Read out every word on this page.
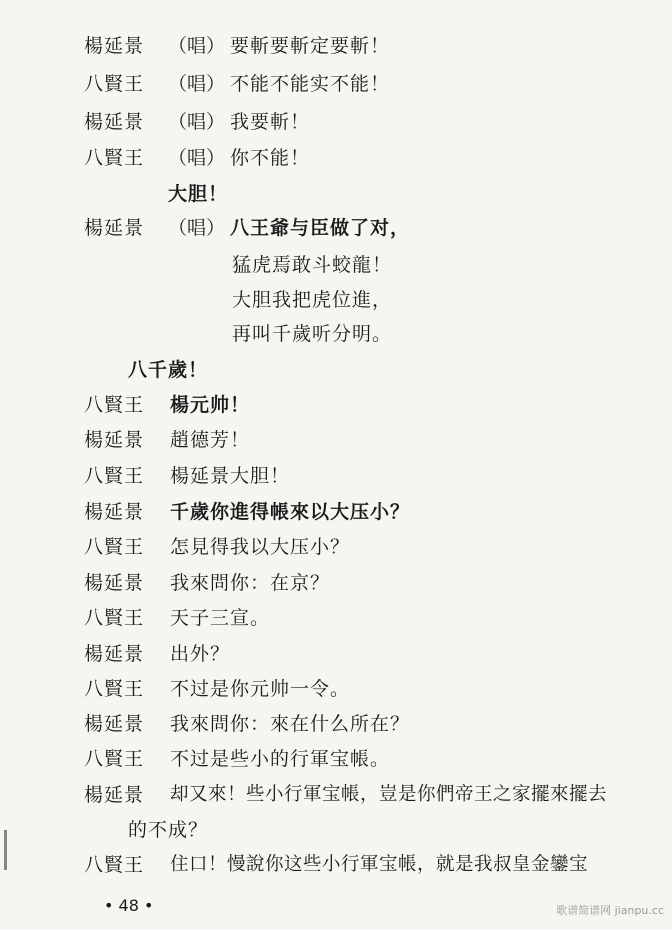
楊延景 （唱） 要斬要斬定要斬！
八賢王 （唱） 不能不能实不能！
楊延景 （唱） 我要斬！
八賢王 （唱） 你不能！
大胆！
楊延景 （唱） 八王爺与臣做了对，
猛虎焉敢斗蛟龍！
大胆我把虎位進，
再叫千歲听分明。
八千歲！
八賢王 楊元帅！
楊延景 趙德芳！
八賢王 楊延景大胆！
楊延景 千歲你進得帳來以大压小？
八賢王 怎見得我以大压小？
楊延景 我來問你：在京？
八賢王 天子三宣。
楊延景 出外？
八賢王 不过是你元帅一令。
楊延景 我來問你：來在什么所在？
八賢王 不过是些小的行軍宝帳。
楊延景 却又來！些小行軍宝帳，豈是你們帝王之家擺來擺去
的不成？
八賢王 住口！慢說你这些小行軍宝帳，就是我叔皇金鑾宝
• 48 •	歌谱简谱网 jianpu.cc
